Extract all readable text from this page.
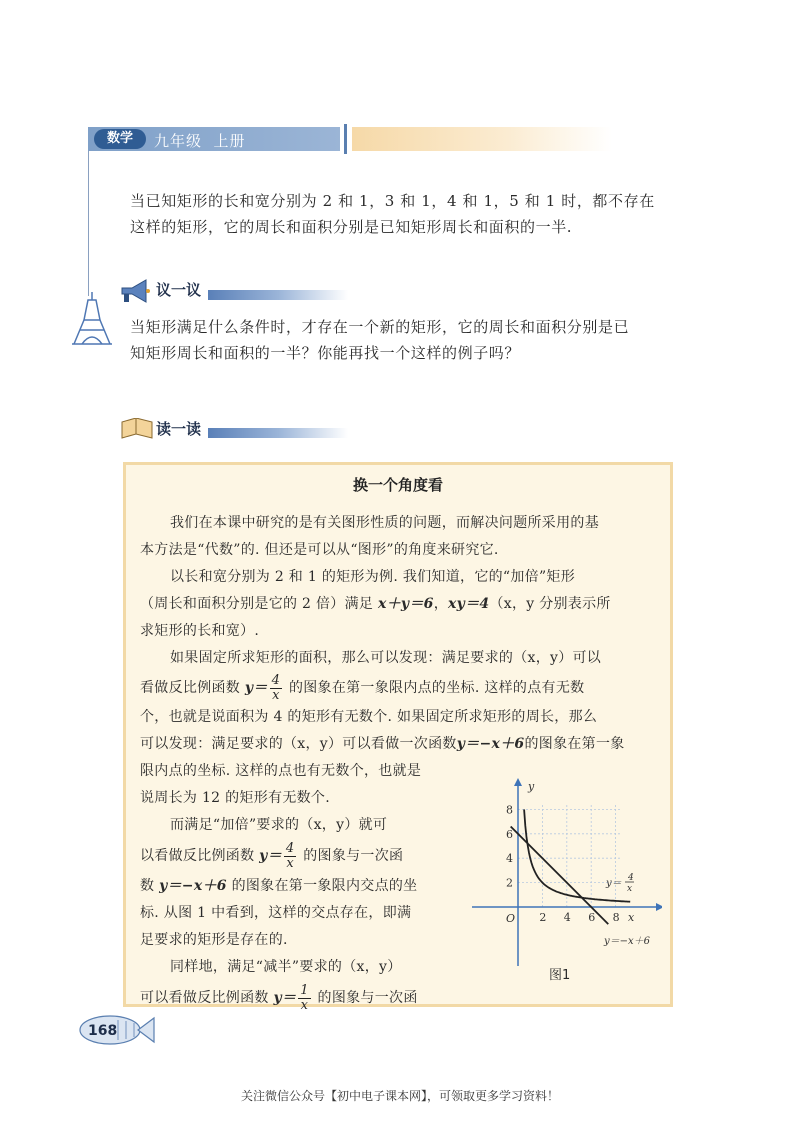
数学	九年级  上册
当已知矩形的长和宽分别为 2 和 1，3 和 1，4 和 1，5 和 1 时，都不存在
这样的矩形，它的周长和面积分别是已知矩形周长和面积的一半.
议一议
当矩形满足什么条件时，才存在一个新的矩形，它的周长和面积分别是已
知矩形周长和面积的一半？你能再找一个这样的例子吗？
读一读
换一个角度看
我们在本课中研究的是有关图形性质的问题，而解决问题所采用的基
本方法是“代数”的. 但还是可以从“图形”的角度来研究它.
以长和宽分别为 2 和 1 的矩形为例. 我们知道，它的“加倍”矩形
（周长和面积分别是它的 2 倍）满足 x＋y＝6，xy＝4（x，y 分别表示所
求矩形的长和宽）.
如果固定所求矩形的面积，那么可以发现：满足要求的（x，y）可以
看做反比例函数 $y= \frac{4}{x}$ 的图象在第一象限内点的坐标. 这样的点有无数
个，也就是说面积为 4 的矩形有无数个. 如果固定所求矩形的周长，那么
可以发现：满足要求的（x，y）可以看做一次函数y＝−x＋6的图象在第一象
限内点的坐标. 这样的点也有无数个，也就是
说周长为 12 的矩形有无数个.
而满足“加倍”要求的（x，y）就可
以看做反比例函数 $y= \frac{4}{x}$ 的图象与一次函
数 y＝−x＋6 的图象在第一象限内交点的坐
标. 从图 1 中看到，这样的交点存在，即满
足要求的矩形是存在的.
同样地，满足“减半”要求的（x，y）
可以看做反比例函数 $y= \frac{1}{x}$ 的图象与一次函
2 4 6 8
2
4
6
8
y
x
O
y＝ 4
x
y＝−x＋6
图1
168
关注微信公众号【初中电子课本网】，可领取更多学习资料！
